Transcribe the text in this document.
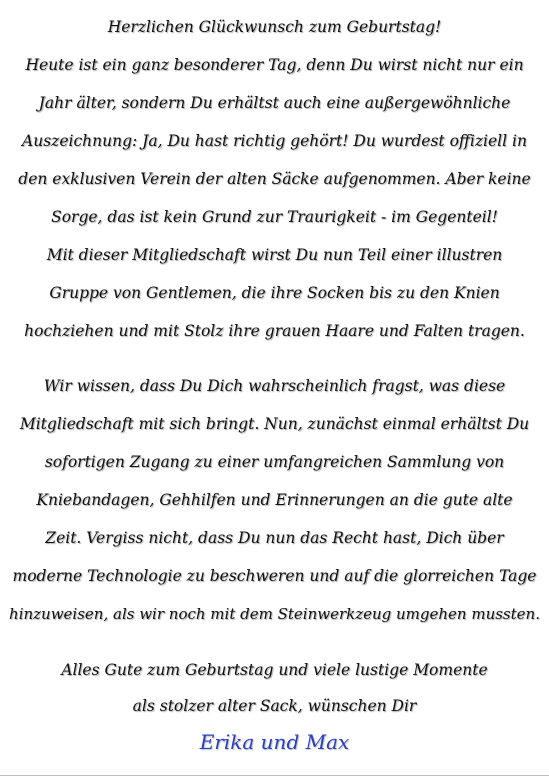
Herzlichen Glückwunsch zum Geburtstag!
Heute ist ein ganz besonderer Tag, denn Du wirst nicht nur ein
Jahr älter, sondern Du erhältst auch eine außergewöhnliche
Auszeichnung: Ja, Du hast richtig gehört! Du wurdest offiziell in
den exklusiven Verein der alten Säcke aufgenommen. Aber keine
Sorge, das ist kein Grund zur Traurigkeit - im Gegenteil!
Mit dieser Mitgliedschaft wirst Du nun Teil einer illustren
Gruppe von Gentlemen, die ihre Socken bis zu den Knien
hochziehen und mit Stolz ihre grauen Haare und Falten tragen.
Wir wissen, dass Du Dich wahrscheinlich fragst, was diese
Mitgliedschaft mit sich bringt. Nun, zunächst einmal erhältst Du
sofortigen Zugang zu einer umfangreichen Sammlung von
Kniebandagen, Gehhilfen und Erinnerungen an die gute alte
Zeit. Vergiss nicht, dass Du nun das Recht hast, Dich über
moderne Technologie zu beschweren und auf die glorreichen Tage
hinzuweisen, als wir noch mit dem Steinwerkzeug umgehen mussten.
Alles Gute zum Geburtstag und viele lustige Momente
als stolzer alter Sack, wünschen Dir
Erika und Max
